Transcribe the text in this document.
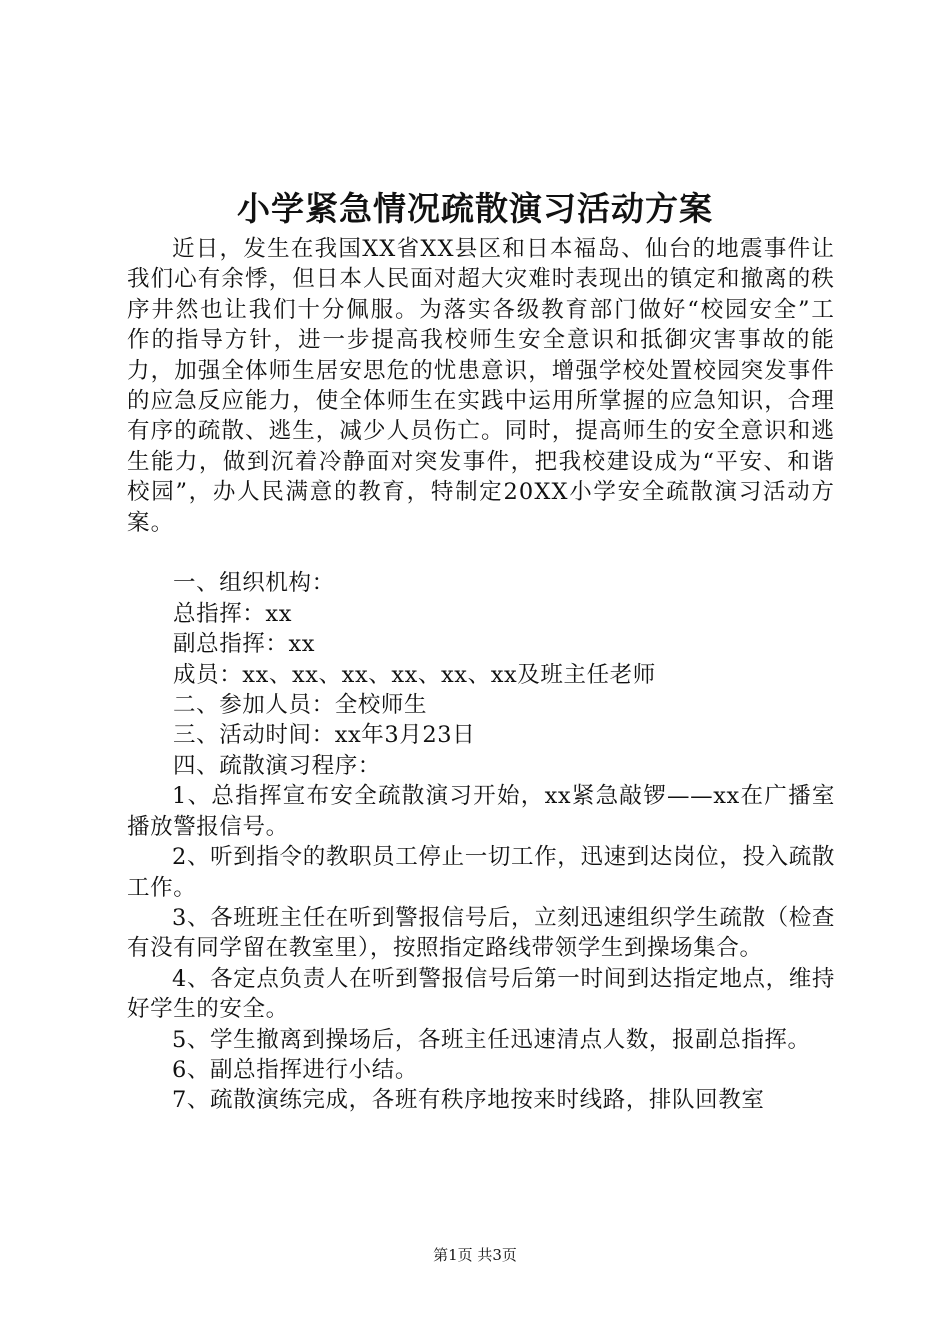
小学紧急情况疏散演习活动方案

近日，发生在我国XX省XX县区和日本福岛、仙台的地震事件让我们心有余悸，但日本人民面对超大灾难时表现出的镇定和撤离的秩序井然也让我们十分佩服。为落实各级教育部门做好“校园安全”工作的指导方针，进一步提高我校师生安全意识和抵御灾害事故的能力，加强全体师生居安思危的忧患意识，增强学校处置校园突发事件的应急反应能力，使全体师生在实践中运用所掌握的应急知识，合理有序的疏散、逃生，减少人员伤亡。同时，提高师生的安全意识和逃生能力，做到沉着冷静面对突发事件，把我校建设成为“平安、和谐校园”，办人民满意的教育，特制定20XX小学安全疏散演习活动方案。

一、组织机构：

总指挥：xx

副总指挥：xx

成员：xx、xx、xx、xx、xx、xx及班主任老师

二、参加人员：全校师生

三、活动时间：xx年3月23日

四、疏散演习程序：

1、总指挥宣布安全疏散演习开始，xx紧急敲锣——xx在广播室播放警报信号。

2、听到指令的教职员工停止一切工作，迅速到达岗位，投入疏散工作。

3、各班班主任在听到警报信号后，立刻迅速组织学生疏散（检查有没有同学留在教室里），按照指定路线带领学生到操场集合。

4、各定点负责人在听到警报信号后第一时间到达指定地点，维持好学生的安全。

5、学生撤离到操场后，各班主任迅速清点人数，报副总指挥。

6、副总指挥进行小结。

7、疏散演练完成，各班有秩序地按来时线路，排队回教室

第1页 共3页
